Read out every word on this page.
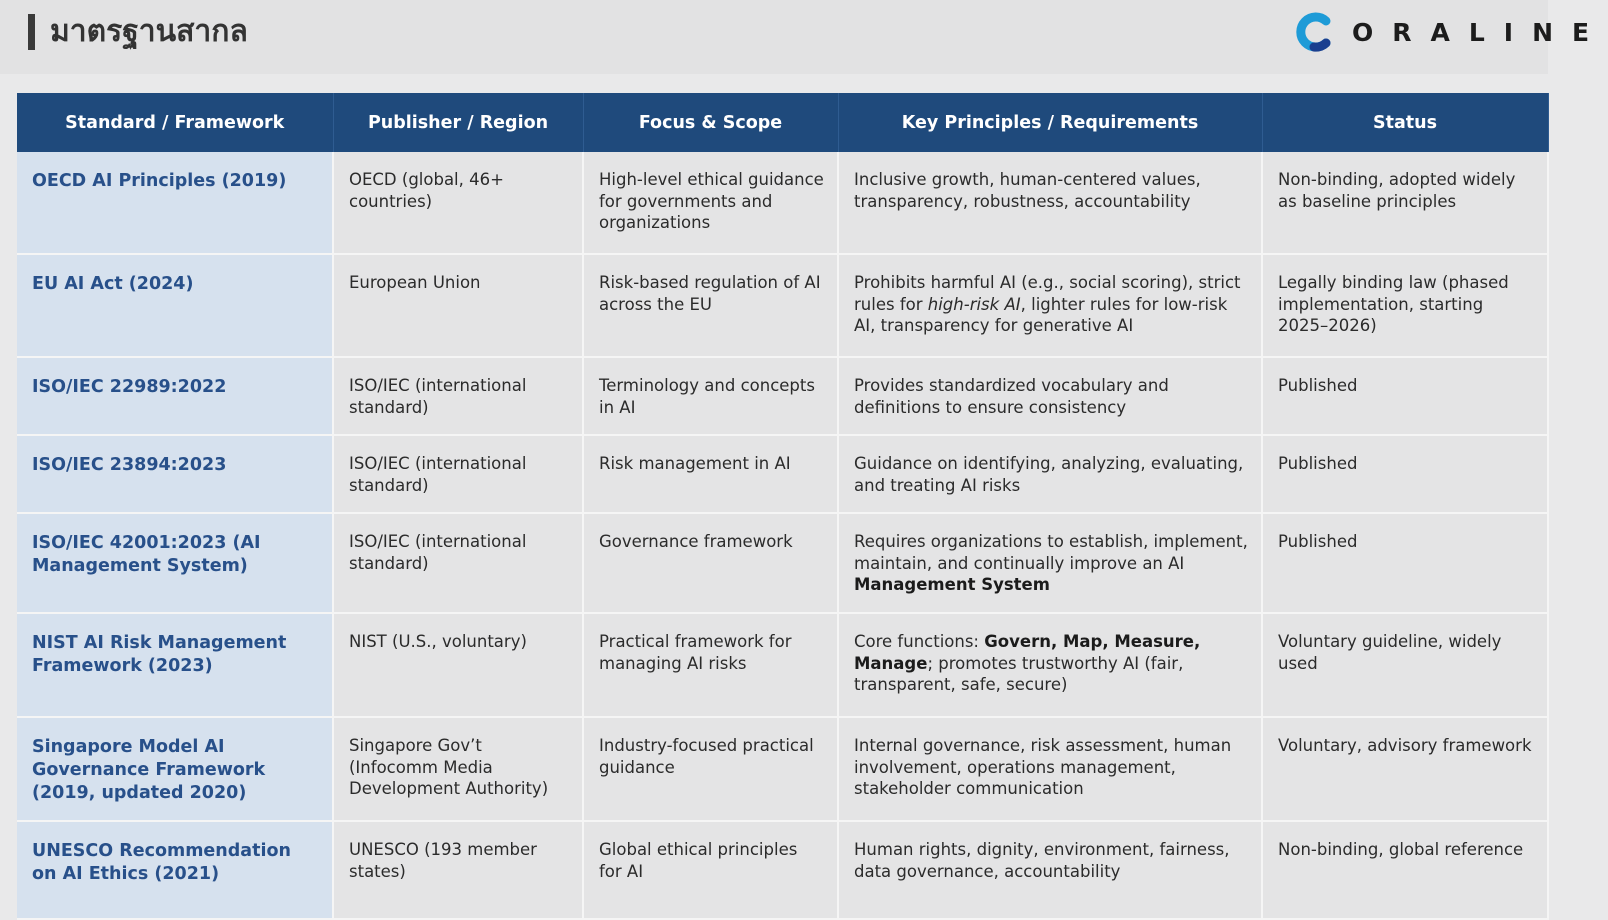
มาตรฐานสากล	ORALINE
Standard / Framework	Publisher / Region	Focus & Scope	Key Principles / Requirements	Status
OECD AI Principles (2019)	OECD (global, 46+ countries)	High-level ethical guidance for governments and organizations	Inclusive growth, human-centered values, transparency, robustness, accountability	Non-binding, adopted widely as baseline principles
EU AI Act (2024)	European Union	Risk-based regulation of AI across the EU	Prohibits harmful AI (e.g., social scoring), strict rules for high-risk AI, lighter rules for low-risk AI, transparency for generative AI	Legally binding law (phased implementation, starting 2025–2026)
ISO/IEC 22989:2022	ISO/IEC (international standard)	Terminology and concepts in AI	Provides standardized vocabulary and definitions to ensure consistency	Published
ISO/IEC 23894:2023	ISO/IEC (international standard)	Risk management in AI	Guidance on identifying, analyzing, evaluating, and treating AI risks	Published
ISO/IEC 42001:2023 (AI Management System)	ISO/IEC (international standard)	Governance framework	Requires organizations to establish, implement, maintain, and continually improve an AI Management System	Published
NIST AI Risk Management Framework (2023)	NIST (U.S., voluntary)	Practical framework for managing AI risks	Core functions: Govern, Map, Measure, Manage; promotes trustworthy AI (fair, transparent, safe, secure)	Voluntary guideline, widely used
Singapore Model AI Governance Framework (2019, updated 2020)	Singapore Gov’t (Infocomm Media Development Authority)	Industry-focused practical guidance	Internal governance, risk assessment, human involvement, operations management, stakeholder communication	Voluntary, advisory framework
UNESCO Recommendation on AI Ethics (2021)	UNESCO (193 member states)	Global ethical principles for AI	Human rights, dignity, environment, fairness, data governance, accountability	Non-binding, global reference
